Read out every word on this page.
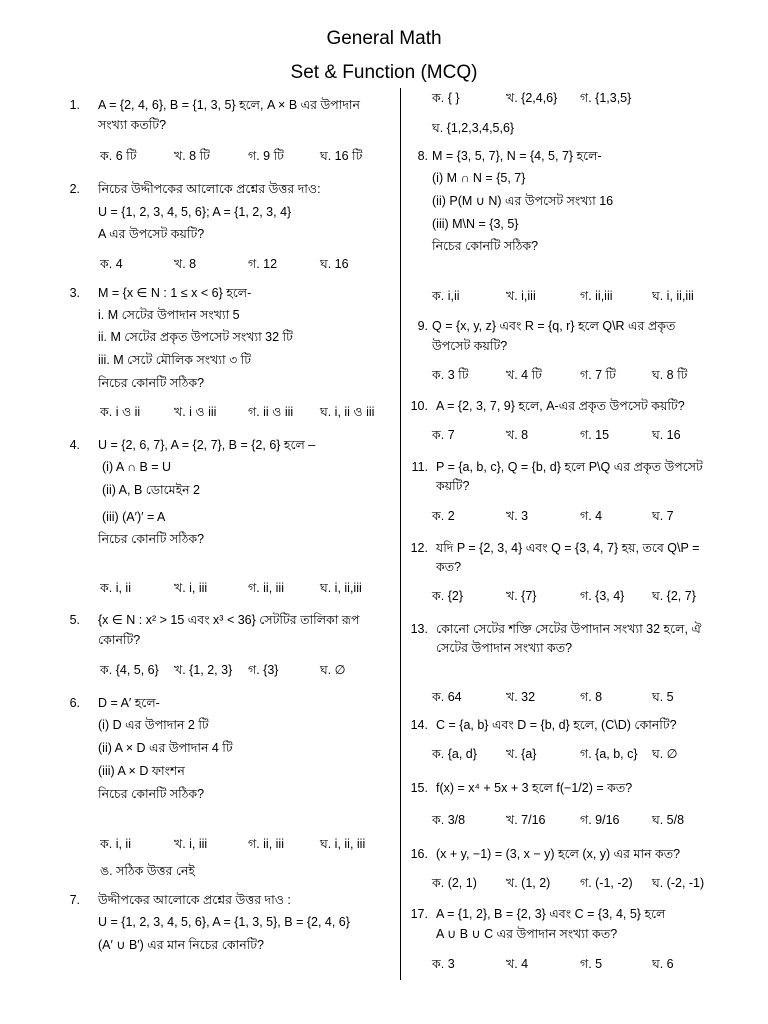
General Math
Set & Function (MCQ)
1. A = {2, 4, 6}, B = {1, 3, 5} হলে, A × B এর উপাদান
সংখ্যা কতটি?
ক. 6 টি	খ. 8 টি	গ. 9 টি	ঘ. 16 টি
2. নিচের উদ্দীপকের আলোকে প্রশ্নের উত্তর দাও:
U = {1, 2, 3, 4, 5, 6}; A = {1, 2, 3, 4}
A এর উপসেট কয়টি?
ক. 4	খ. 8	গ. 12	ঘ. 16
3. M = {x ∈ N : 1 ≤ x < 6} হলে-
i. M সেটের উপাদান সংখ্যা 5
ii. M সেটের প্রকৃত উপসেট সংখ্যা 32 টি
iii. M সেটে মৌলিক সংখ্যা ৩ টি
নিচের কোনটি সঠিক?
ক. i ও ii	খ. i ও iii	গ. ii ও iii ঘ. i, ii ও iii
4. U = {2, 6, 7}, A = {2, 7}, B = {2, 6} হলে –
(i) A ∩ B = U
(ii) A, B ডোমেইন 2
(iii) (A′)′ = A
নিচের কোনটি সঠিক?
ক. i, ii	খ. i, iii	গ. ii, iii	ঘ. i, ii,iii
5. {x ∈ N : x² > 15 এবং x³ < 36} সেটটির তালিকা রূপ
কোনটি?
ক. {4, 5, 6} খ. {1, 2, 3} গ. {3}	ঘ. ∅
6. D = A′ হলে-
(i) D এর উপাদান 2 টি
(ii) A × D এর উপাদান 4 টি
(iii) A × D ফাংশন
নিচের কোনটি সঠিক?
ক. i, ii	খ. i, iii	গ. ii, iii	ঘ. i, ii, iii
ঙ. সঠিক উত্তর নেই
7. উদ্দীপকের আলোকে প্রশ্নের উত্তর দাও :
U = {1, 2, 3, 4, 5, 6}, A = {1, 3, 5}, B = {2, 4, 6}
(A′ ∪ B′) এর মান নিচের কোনটি?
ক. { }	খ. {2,4,6} গ. {1,3,5}
ঘ. {1,2,3,4,5,6}
8. M = {3, 5, 7}, N = {4, 5, 7} হলে-
(i) M ∩ N = {5, 7}
(ii) P(M ∪ N) এর উপসেট সংখ্যা 16
(iii) M\N = {3, 5}
নিচের কোনটি সঠিক?
ক. i,ii	খ. i,iii	গ. ii,iii	ঘ. i, ii,iii
9. Q = {x, y, z} এবং R = {q, r} হলে Q\R এর প্রকৃত
উপসেট কয়টি?
ক. 3 টি	খ. 4 টি	গ. 7 টি	ঘ. 8 টি
10. A = {2, 3, 7, 9} হলে, A-এর প্রকৃত উপসেট কয়টি?
ক. 7	খ. 8	গ. 15	ঘ. 16
11. P = {a, b, c}, Q = {b, d} হলে P\Q এর প্রকৃত উপসেট
কয়টি?
ক. 2	খ. 3	গ. 4	ঘ. 7
12. যদি P = {2, 3, 4} এবং Q = {3, 4, 7} হয়, তবে Q\P =
কত?
ক. {2}	খ. {7}	গ. {3, 4} ঘ. {2, 7}
13. কোনো সেটের শক্তি সেটের উপাদান সংখ্যা 32 হলে, ঐ
সেটের উপাদান সংখ্যা কত?
ক. 64	খ. 32	গ. 8	ঘ. 5
14. C = {a, b} এবং D = {b, d} হলে, (C\D) কোনটি?
ক. {a, d} খ. {a}	গ. {a, b, c} ঘ. ∅
15. f(x) = x⁴ + 5x + 3 হলে f(−1/2) = কত?
ক. 3/8	খ. 7/16	গ. 9/16	ঘ. 5/8
16. (x + y, −1) = (3, x − y) হলে (x, y) এর মান কত?
ক. (2, 1) খ. (1, 2) গ. (-1, -2) ঘ. (-2, -1)
17. A = {1, 2}, B = {2, 3} এবং C = {3, 4, 5} হলে
A ∪ B ∪ C এর উপাদান সংখ্যা কত?
ক. 3	খ. 4	গ. 5	ঘ. 6
